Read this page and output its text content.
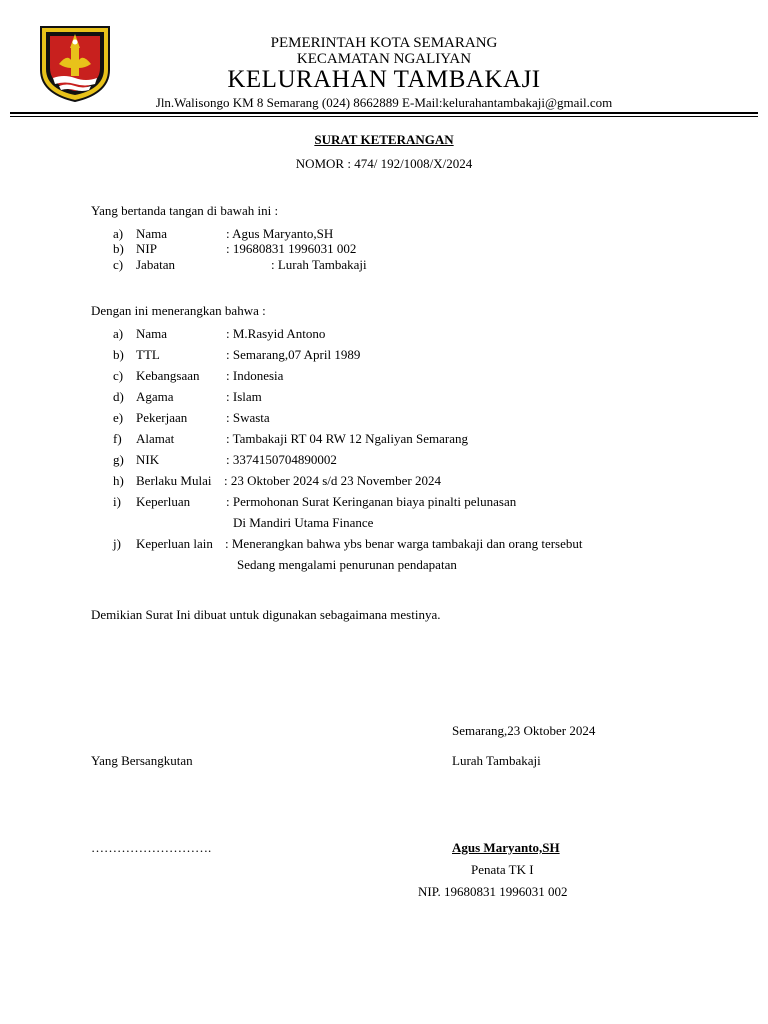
PEMERINTAH KOTA SEMARANG
KECAMATAN NGALIYAN
KELURAHAN TAMBAKAJI
Jln.Walisongo KM 8 Semarang (024) 8662889 E-Mail:kelurahantambakaji@gmail.com
SURAT KETERANGAN
NOMOR : 474/ 192/1008/X/2024
Yang bertanda tangan di bawah ini :
a) Nama	: Agus Maryanto,SH
b) NIP	: 19680831 1996031 002
c) Jabatan	: Lurah Tambakaji
Dengan ini menerangkan bahwa :
a) Nama	: M.Rasyid Antono
b) TTL	: Semarang,07 April 1989
c) Kebangsaan : Indonesia
d) Agama	: Islam
e) Pekerjaan	: Swasta
f) Alamat	: Tambakaji RT 04 RW 12 Ngaliyan Semarang
g) NIK	: 3374150704890002
h) Berlaku Mulai : 23 Oktober 2024 s/d 23 November 2024
i) Keperluan	: Permohonan Surat Keringanan biaya pinalti pelunasan
Di Mandiri Utama Finance
j) Keperluan lain : Menerangkan bahwa ybs benar warga tambakaji dan orang tersebut
Sedang mengalami penurunan pendapatan
Demikian Surat Ini dibuat untuk digunakan sebagaimana mestinya.
Semarang,23 Oktober 2024
Yang Bersangkutan	Lurah Tambakaji
……………………….	Agus Maryanto,SH
Penata TK I
NIP. 19680831 1996031 002
